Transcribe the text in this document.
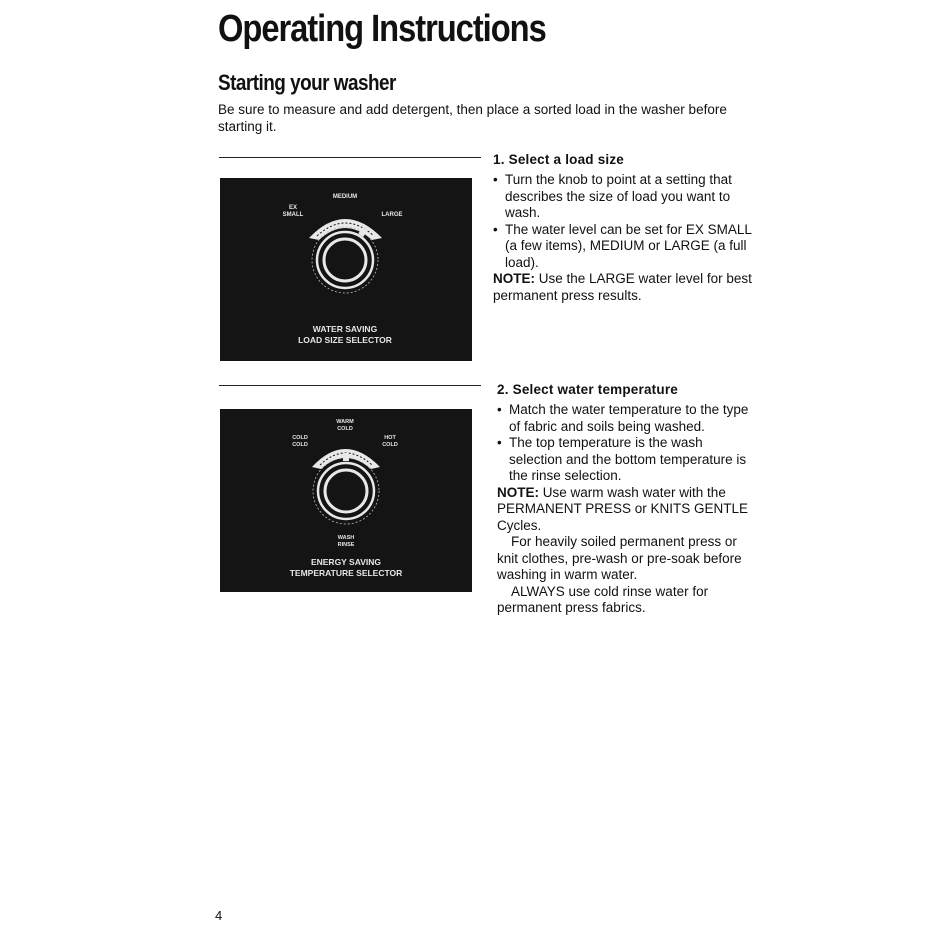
Operating Instructions
Starting your washer

Be sure to measure and add detergent, then place a sorted load in the washer before starting it.

MEDIUM
EX
SMALL	LARGE
WATER SAVING
LOAD SIZE SELECTOR

1. Select a load size

• Turn the knob to point at a setting that describes the size of load you want to wash.
• The water level can be set for EX SMALL (a few items), MEDIUM or LARGE (a full load).

NOTE: Use the LARGE water level for best permanent press results.

WARM
COLD
COLD
COLD
HOT
COLD
WASH
RINSE
ENERGY SAVING
TEMPERATURE SELECTOR

2. Select water temperature

• Match the water temperature to the type of fabric and soils being washed.
• The top temperature is the wash selection and the bottom temperature is the rinse selection.

NOTE: Use warm wash water with the PERMANENT PRESS or KNITS GENTLE Cycles.

For heavily soiled permanent press or knit clothes, pre-wash or pre-soak before washing in warm water.

ALWAYS use cold rinse water for permanent press fabrics.

4
